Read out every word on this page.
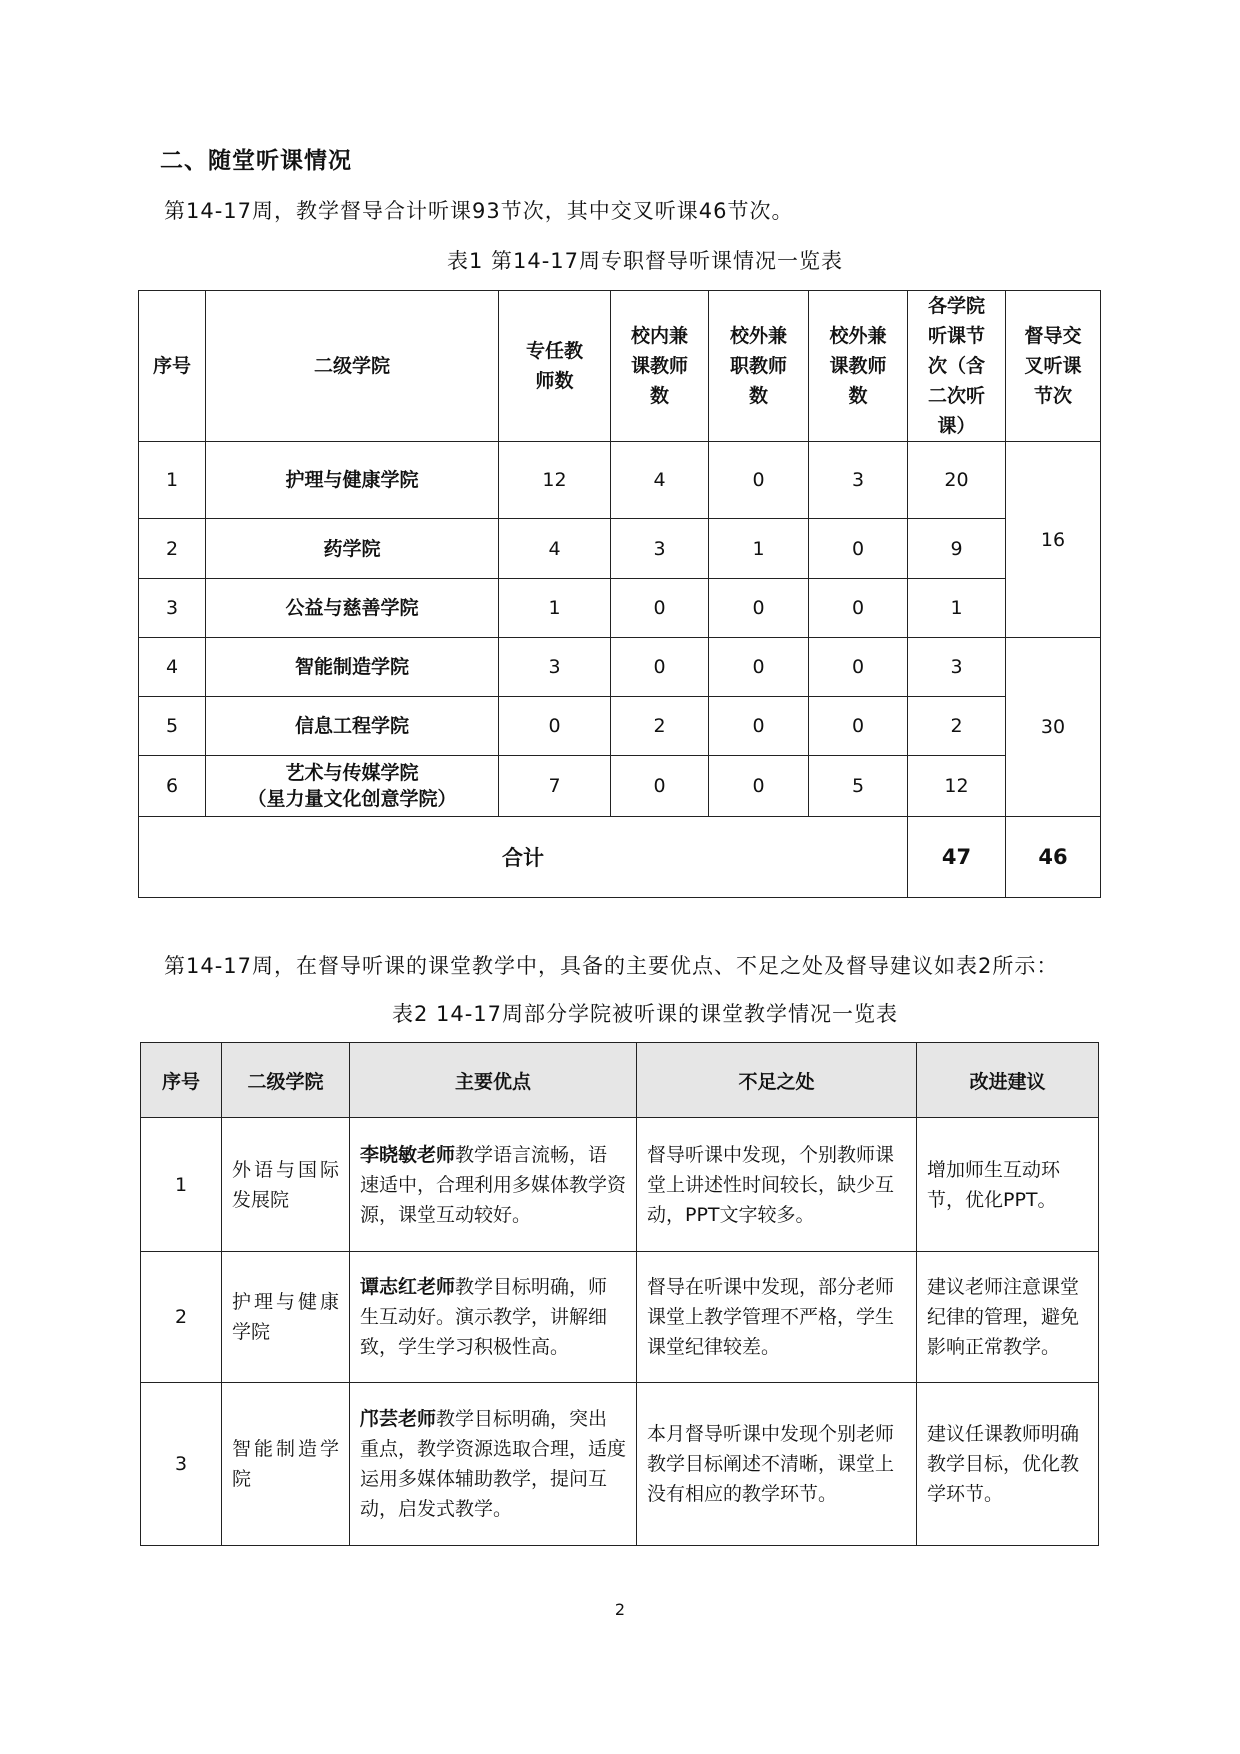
二、随堂听课情况
第14-17周，教学督导合计听课93节次，其中交叉听课46节次。
表1 第14-17周专职督导听课情况一览表
序号	二级学院	专任教师数	校内兼课教师数	校外兼职教师数	校外兼课教师数	各学院听课节次（含二次听课）	督导交叉听课节次
1	护理与健康学院	12	4	0	3	20	16
2	药学院	4	3	1	0	9	
3	公益与慈善学院	1	0	0	0	1	
4	智能制造学院	3	0	0	0	3	30
5	信息工程学院	0	2	0	0	2	
6	艺术与传媒学院
（星力量文化创意学院）	7	0	0	5	12	
合计						47	46
第14-17周，在督导听课的课堂教学中，具备的主要优点、不足之处及督导建议如表2所示：
表2 14-17周部分学院被听课的课堂教学情况一览表
序号	二级学院	主要优点	不足之处	改进建议
1	外语与国际发展院	李晓敏老师教学语言流畅，语速适中，合理利用多媒体教学资源，课堂互动较好。	督导听课中发现，个别教师课堂上讲述性时间较长，缺少互动，PPT文字较多。	增加师生互动环节，优化PPT。
2	护理与健康学院	谭志红老师教学目标明确，师生互动好。演示教学，讲解细致，学生学习积极性高。	督导在听课中发现，部分老师课堂上教学管理不严格，学生课堂纪律较差。	建议老师注意课堂纪律的管理，避免影响正常教学。
3	智能制造学院	邝芸老师教学目标明确，突出重点，教学资源选取合理，适度运用多媒体辅助教学，提问互动，启发式教学。	本月督导听课中发现个别老师教学目标阐述不清晰，课堂上没有相应的教学环节。	建议任课教师明确教学目标，优化教学环节。
2
